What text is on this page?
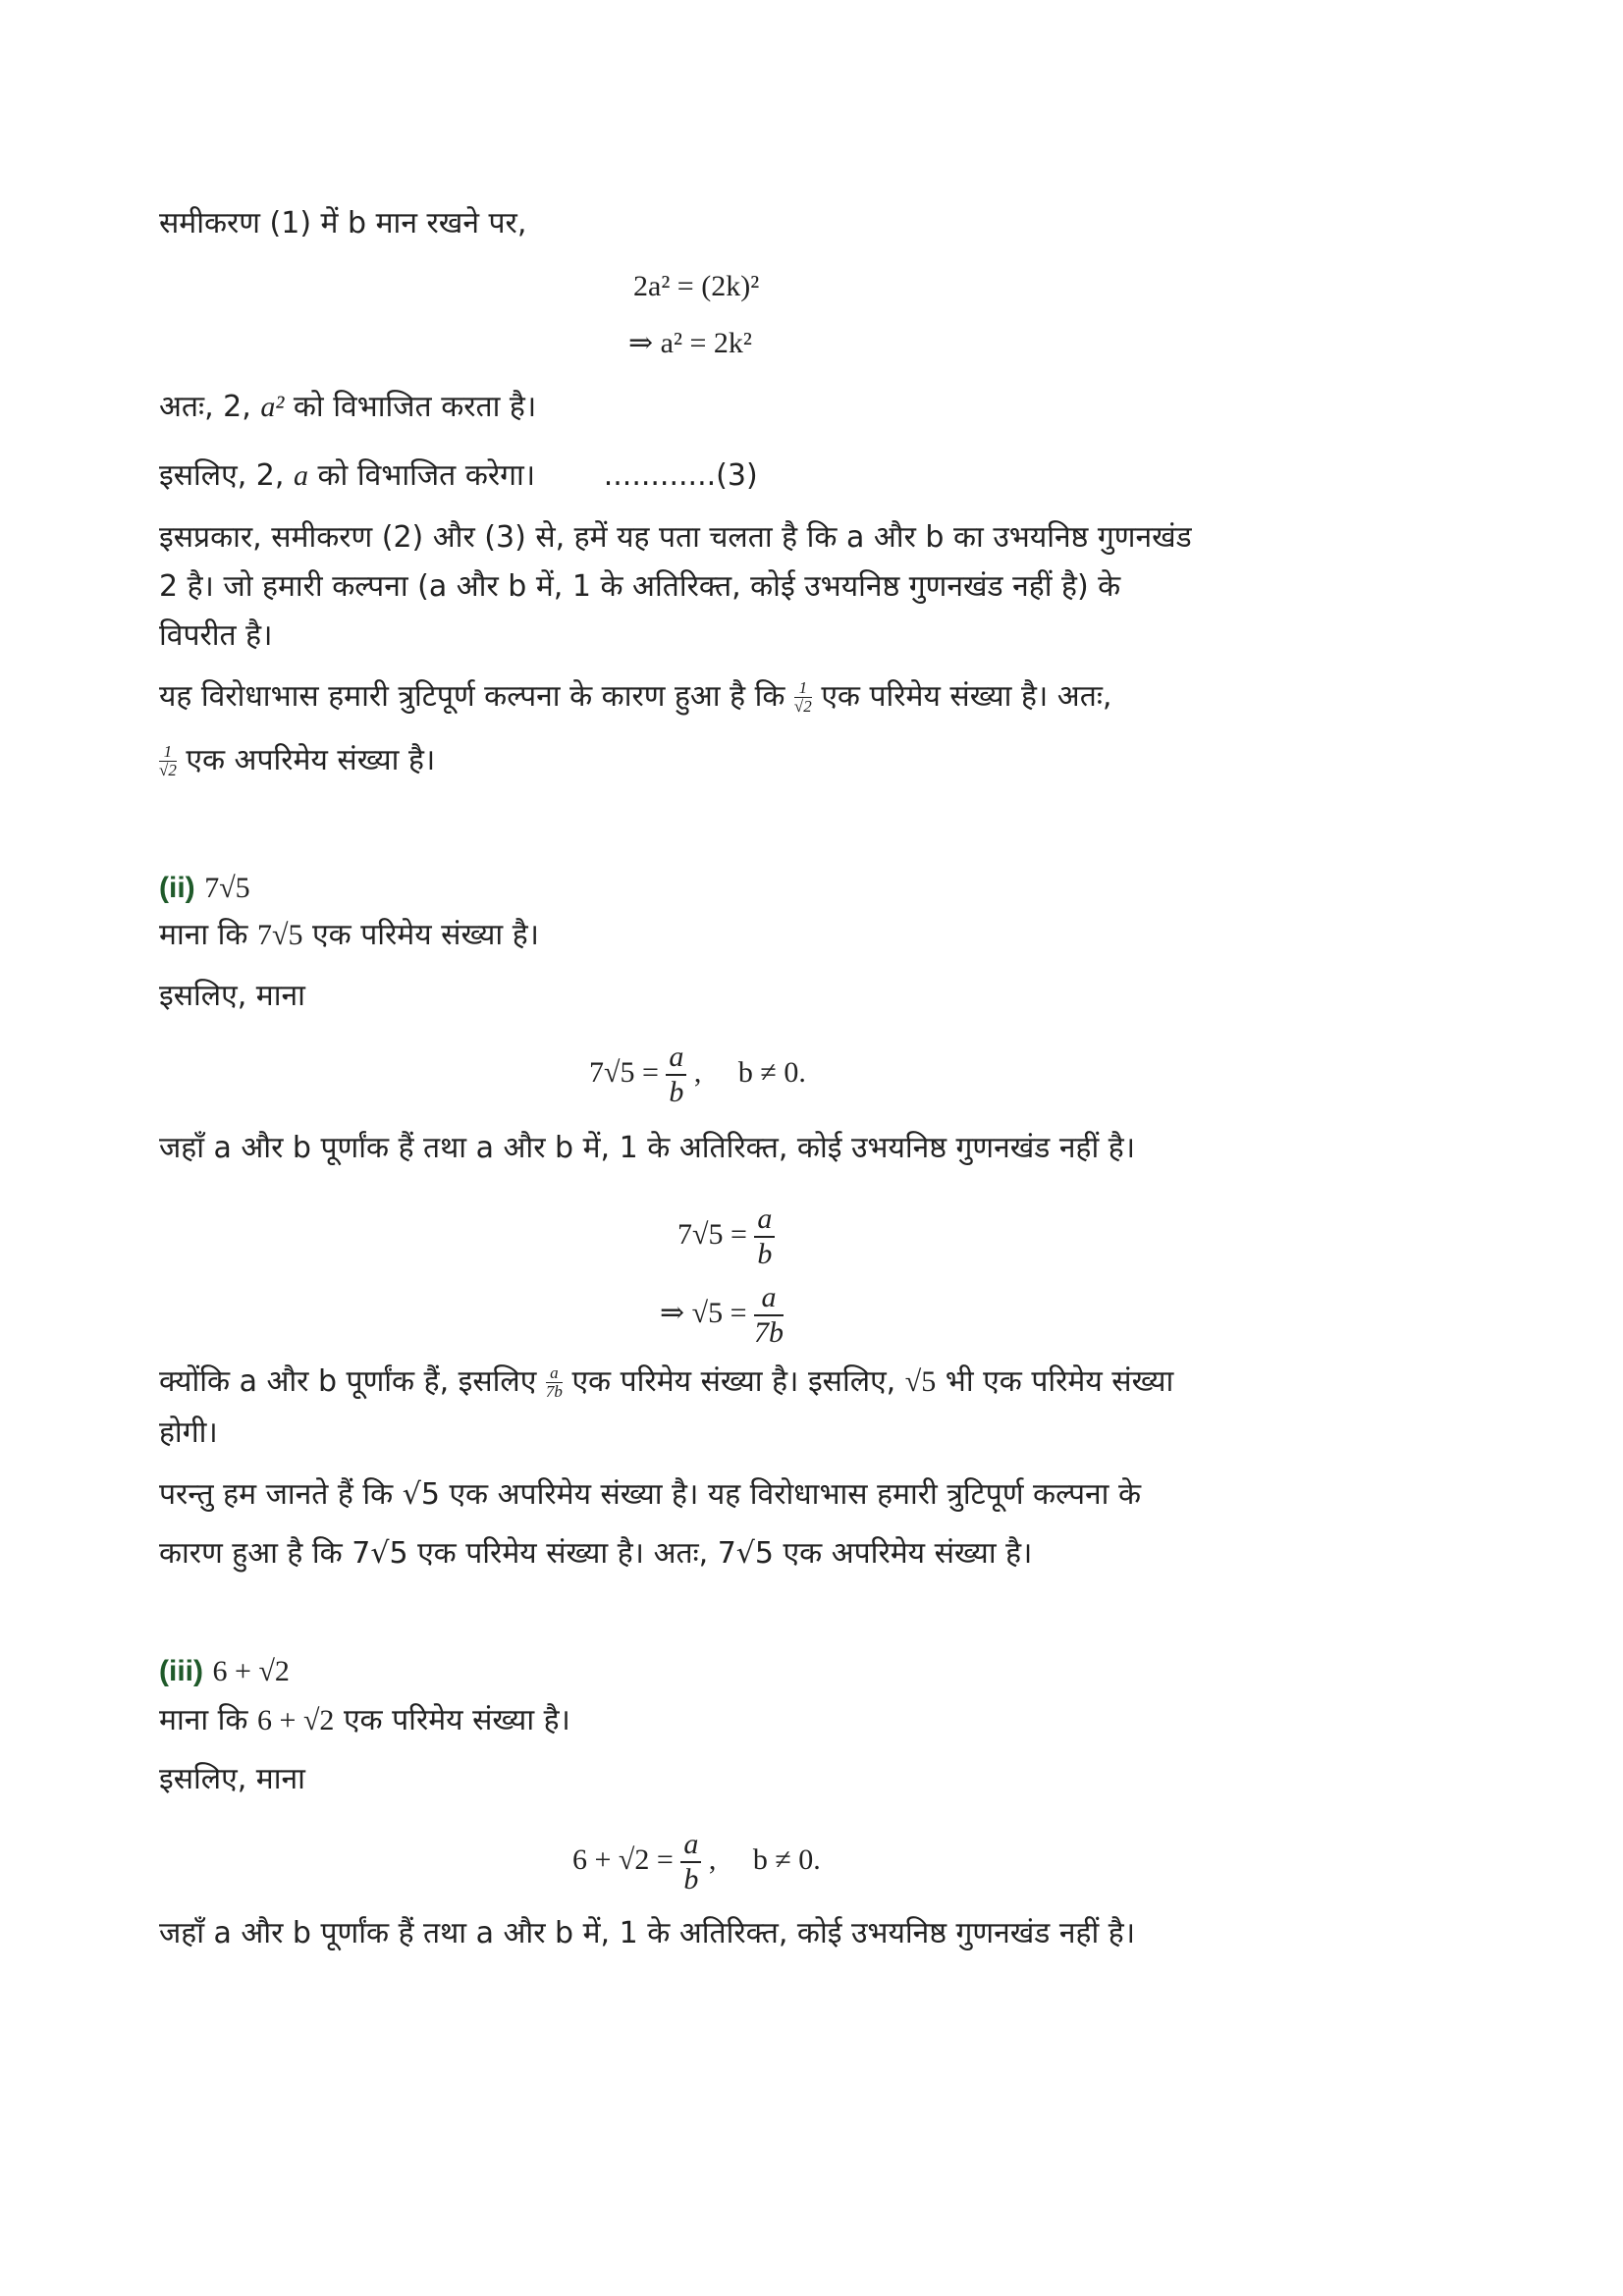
समीकरण (1) में b मान रखने पर,
2a² = (2k)²
⇒ a² = 2k²
अतः, 2, a² को विभाजित करता है।
इसलिए, 2, a को विभाजित करेगा। ............(3)
इसप्रकार, समीकरण (2) और (3) से, हमें यह पता चलता है कि a और b का उभयनिष्ठ गुणनखंड
2 है। जो हमारी कल्पना (a और b में, 1 के अतिरिक्त, कोई उभयनिष्ठ गुणनखंड नहीं है) के
विपरीत है।
यह विरोधाभास हमारी त्रुटिपूर्ण कल्पना के कारण हुआ है कि $\frac{1}{√2}$ एक परिमेय संख्या है। अतः,
$\frac{1}{√2}$ एक अपरिमेय संख्या है।
(ii) 7√5
माना कि 7√5 एक परिमेय संख्या है।
इसलिए, माना
$7√5 = \frac{a}{b}$ ,     b ≠ 0.
जहाँ a और b पूर्णांक हैं तथा a और b में, 1 के अतिरिक्त, कोई उभयनिष्ठ गुणनखंड नहीं है।
$7√5 = \frac{a}{b}$
⇒ $√5 = \frac{a}{7b}$
क्योंकि a और b पूर्णांक हैं, इसलिए $\frac{a}{7b}$ एक परिमेय संख्या है। इसलिए, √5 भी एक परिमेय संख्या
होगी।
परन्तु हम जानते हैं कि √5 एक अपरिमेय संख्या है। यह विरोधाभास हमारी त्रुटिपूर्ण कल्पना के
कारण हुआ है कि 7√5 एक परिमेय संख्या है। अतः, 7√5 एक अपरिमेय संख्या है।
(iii) 6 + √2
माना कि 6 + √2 एक परिमेय संख्या है।
इसलिए, माना
$6 + √2 = \frac{a}{b}$ ,     b ≠ 0.
जहाँ a और b पूर्णांक हैं तथा a और b में, 1 के अतिरिक्त, कोई उभयनिष्ठ गुणनखंड नहीं है।
